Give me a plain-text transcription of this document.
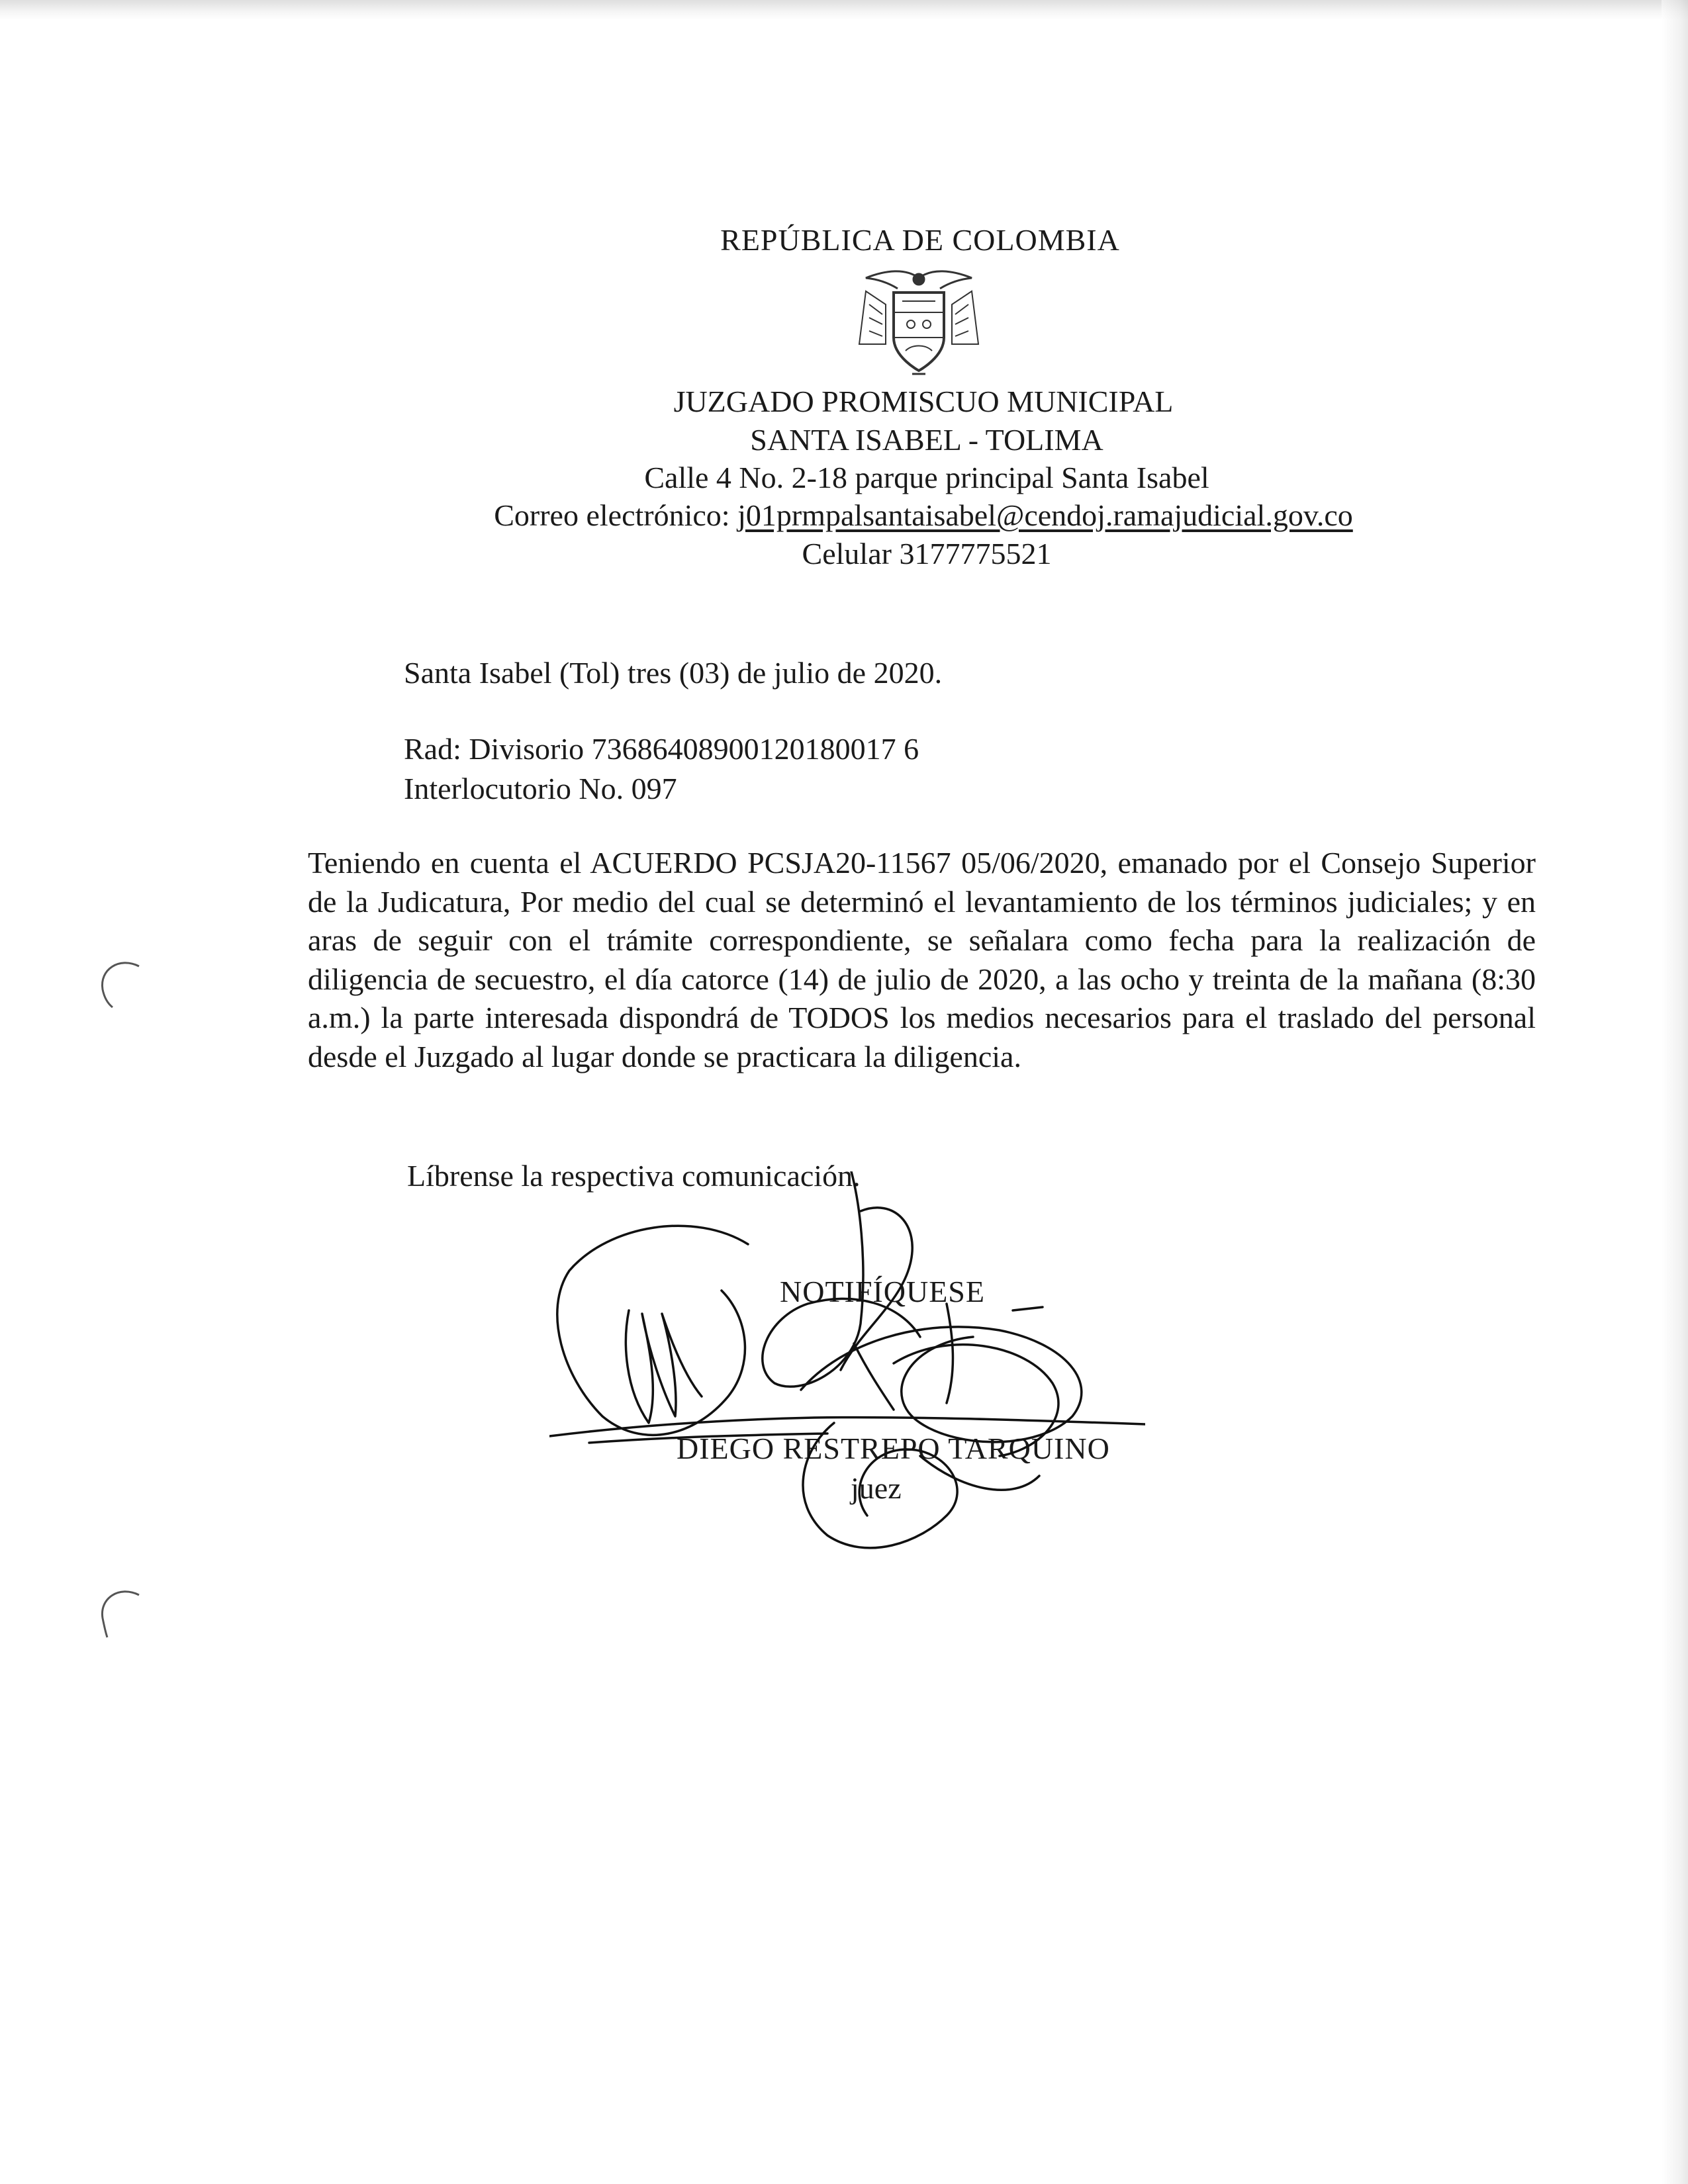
REPÚBLICA DE COLOMBIA
JUZGADO PROMISCUO MUNICIPAL
SANTA ISABEL - TOLIMA
Calle 4 No. 2-18 parque principal Santa Isabel
Correo electrónico: j01prmpalsantaisabel@cendoj.ramajudicial.gov.co
Celular 3177775521
Santa Isabel (Tol) tres (03) de julio de 2020.
Rad: Divisorio 73686408900120180017 6
Interlocutorio No. 097
Teniendo en cuenta el ACUERDO PCSJA20-11567 05/06/2020, emanado por el Consejo Superior de la Judicatura, Por medio del cual se determinó el levantamiento de los términos judiciales; y en aras de seguir con el trámite correspondiente, se señalara como fecha para la realización de diligencia de secuestro, el día catorce (14) de julio de 2020, a las ocho y treinta de la mañana (8:30 a.m.) la parte interesada dispondrá de TODOS los medios necesarios para el traslado del personal desde el Juzgado al lugar donde se practicara la diligencia.
Líbrense la respectiva comunicación.
NOTIFÍQUESE
DIEGO RESTREPO TARQUINO
juez
